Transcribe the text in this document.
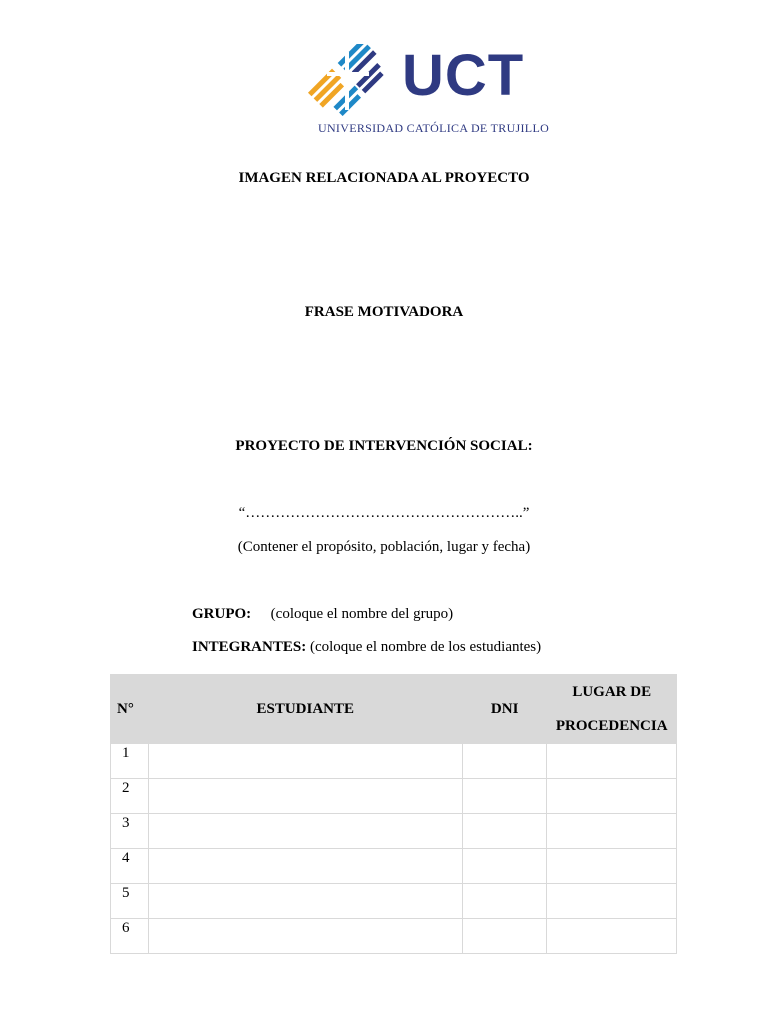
UCT
UNIVERSIDAD CATÓLICA DE TRUJILLO
IMAGEN RELACIONADA AL PROYECTO
FRASE MOTIVADORA
PROYECTO DE INTERVENCIÓN SOCIAL:
“………………………………………………..”
(Contener el propósito, población, lugar y fecha)
GRUPO: (coloque el nombre del grupo)
INTEGRANTES: (coloque el nombre de los estudiantes)
N°	ESTUDIANTE	DNI	LUGAR DE
PROCEDENCIA

1			
2			
3			
4			
5			
6			
